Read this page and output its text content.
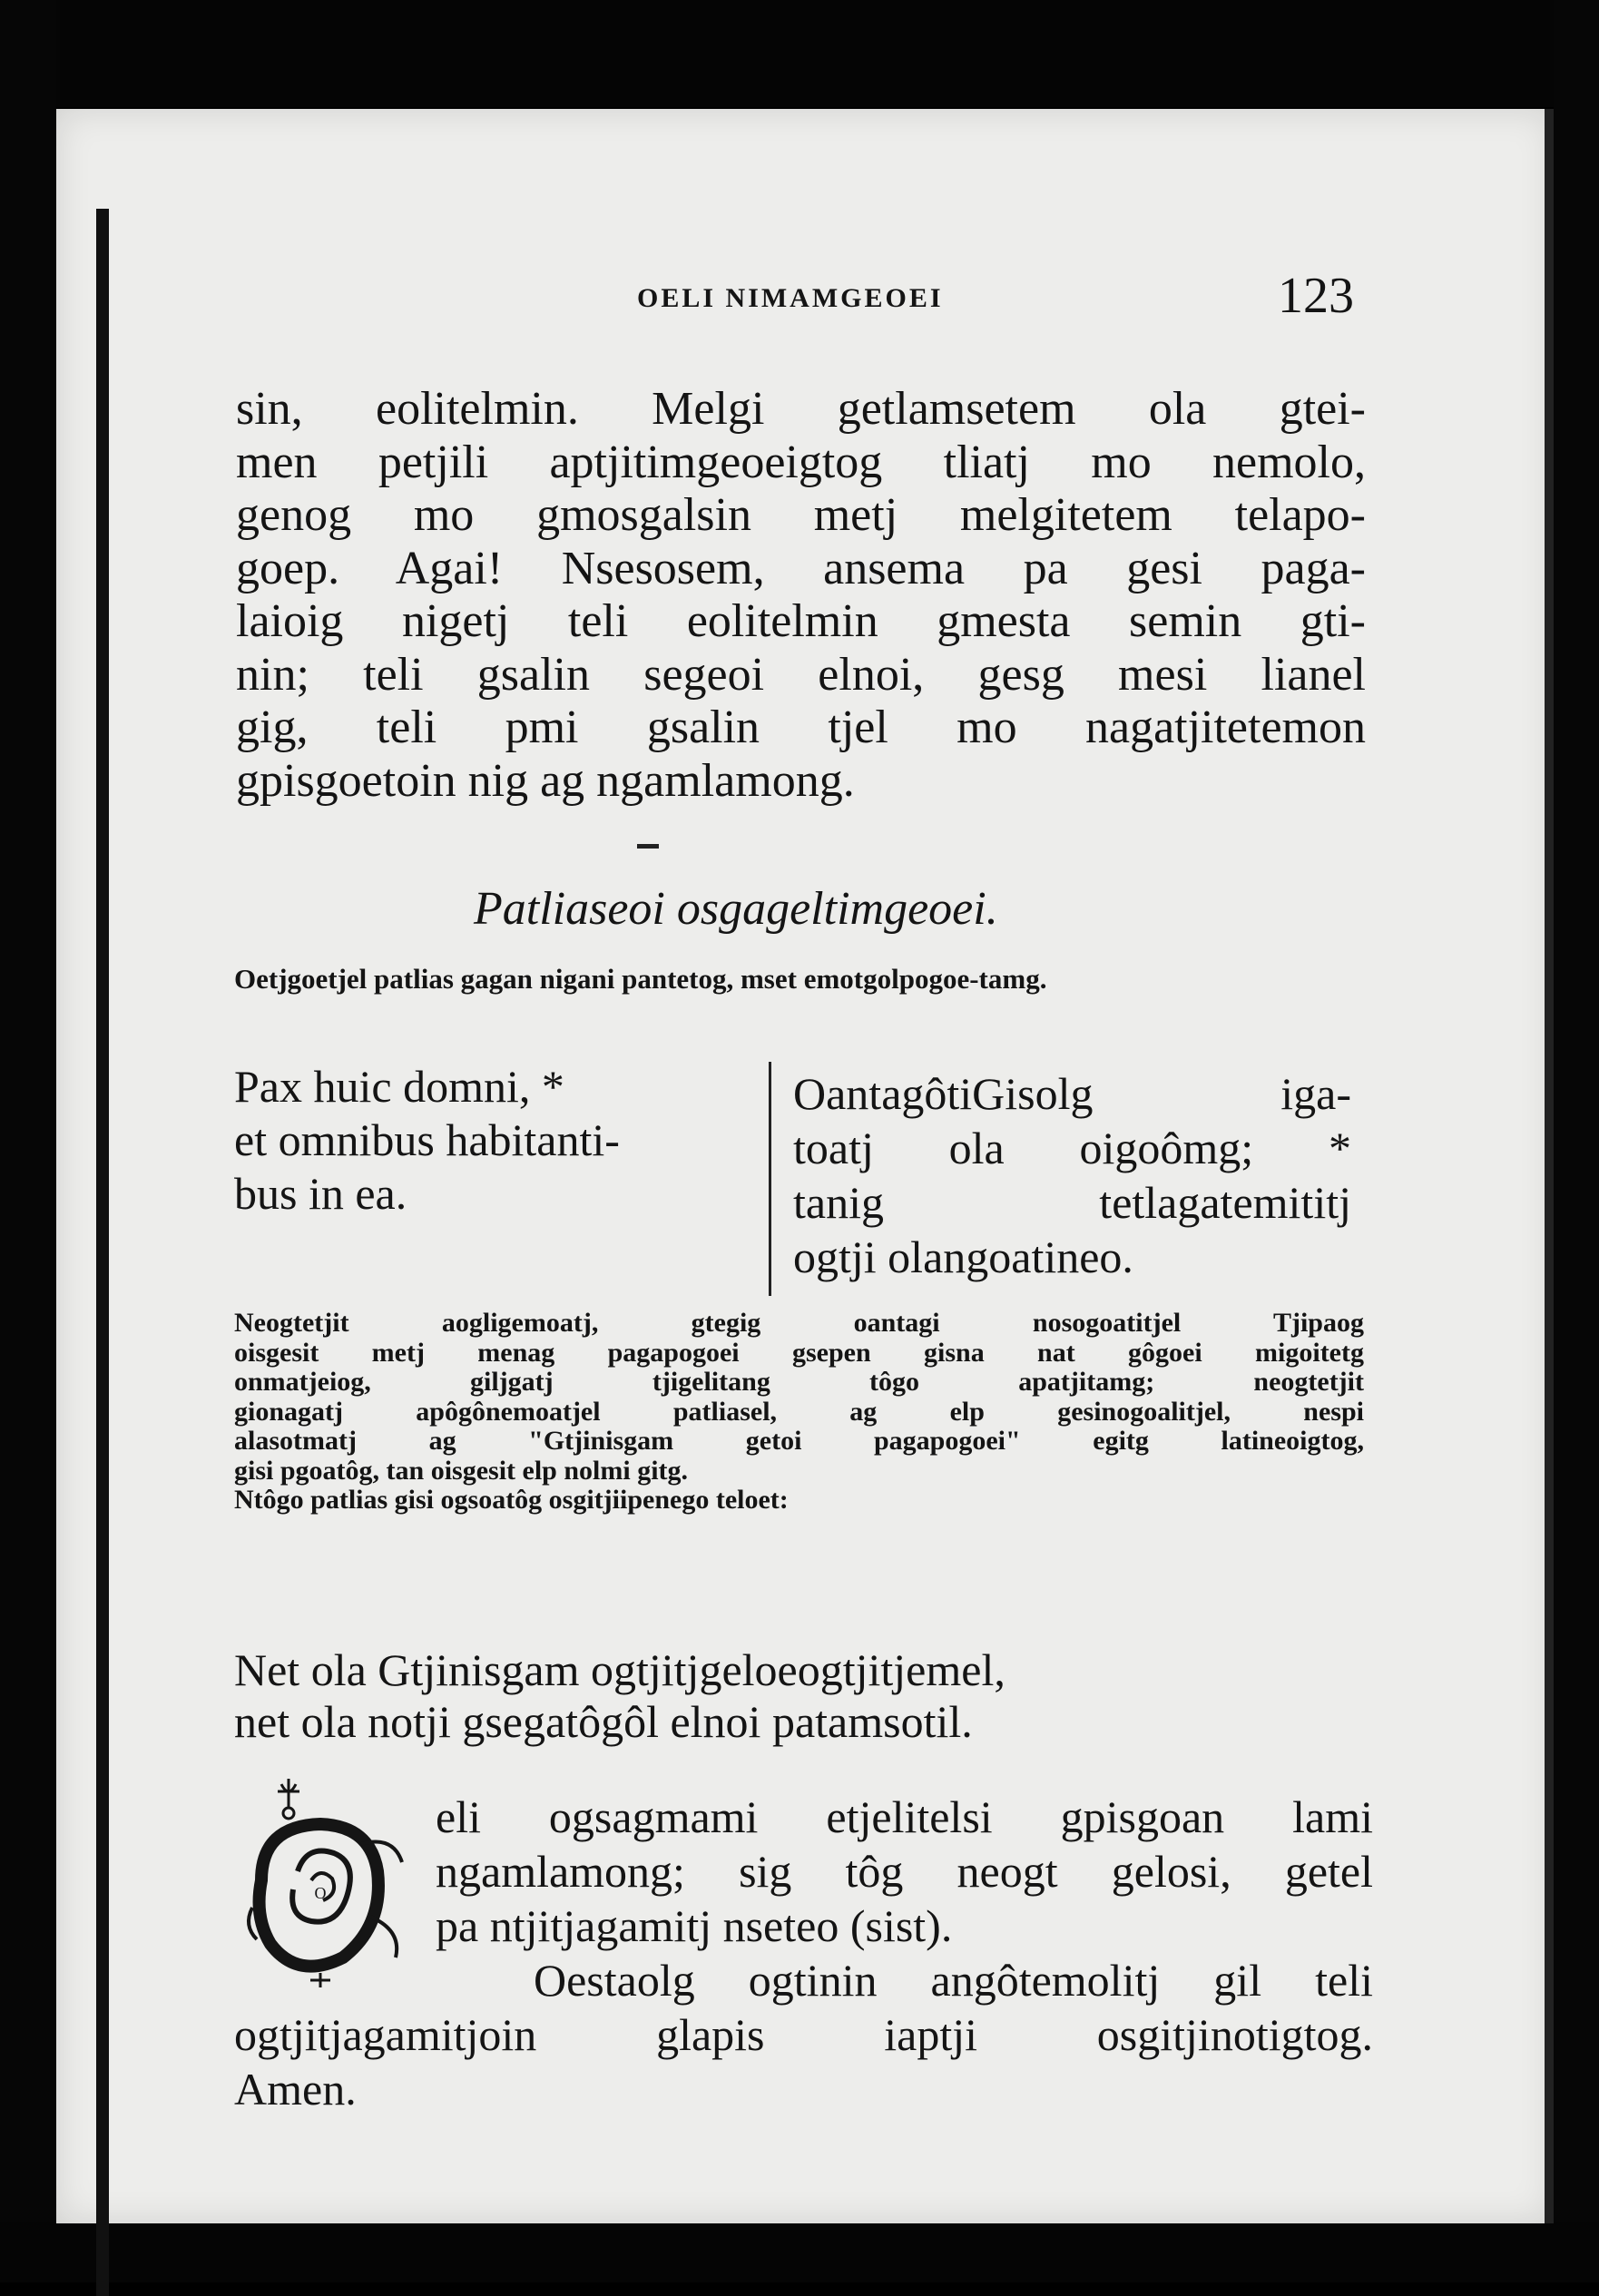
OELI NIMAMGEOEI	123
sin, eolitelmin. Melgi getlamsetem ola gtei-
men petjili aptjitimgeoeigtog tliatj mo nemolo,
genog mo gmosgalsin metj melgitetem telapo-
goep. Agai! Nsesosem, ansema pa gesi paga-
laioig nigetj teli eolitelmin gmesta semin gti-
nin; teli gsalin segeoi elnoi, gesg mesi lianel
gig, teli pmi gsalin tjel mo nagatjitetemon
gpisgoetoin nig ag ngamlamong.
Patliaseoi osgageltimgeoei.
Oetjgoetjel patlias gagan nigani pantetog, mset emotgolpogoe-tamg.
Pax huic domni, *
et omnibus habitanti-
bus in ea.
OantagôtiGisolg iga-
toatj ola oigoômg; *
tanig tetlagatemititj
ogtji olangoatineo.
Neogtetjit aogligemoatj, gtegig oantagi nosogoatitjel Tjipaog
oisgesit metj menag pagapogoei gsepen gisna nat gôgoei migoitetg
onmatjeiog, giljgatj tjigelitang tôgo apatjitamg; neogtetjit
gionagatj apôgônemoatjel patliasel, ag elp gesinogoalitjel, nespi
alasotmatj ag "Gtjinisgam getoi pagapogoei" egitg latineoigtog,
gisi pgoatôg, tan oisgesit elp nolmi gitg.
Ntôgo patlias gisi ogsoatôg osgitjiipenego teloet:
Net ola Gtjinisgam ogtjitjgeloeogtjitjemel,
net ola notji gsegatôgôl elnoi patamsotil.
O
eli ogsagmami etjelitelsi gpisgoan lami
ngamlamong; sig tôg neogt gelosi, getel
pa ntjitjagamitj nseteo (sist).
Oestaolg ogtinin angôtemolitj gil teli
ogtjitjagamitjoin glapis iaptji osgitjinotigtog.
Amen.
